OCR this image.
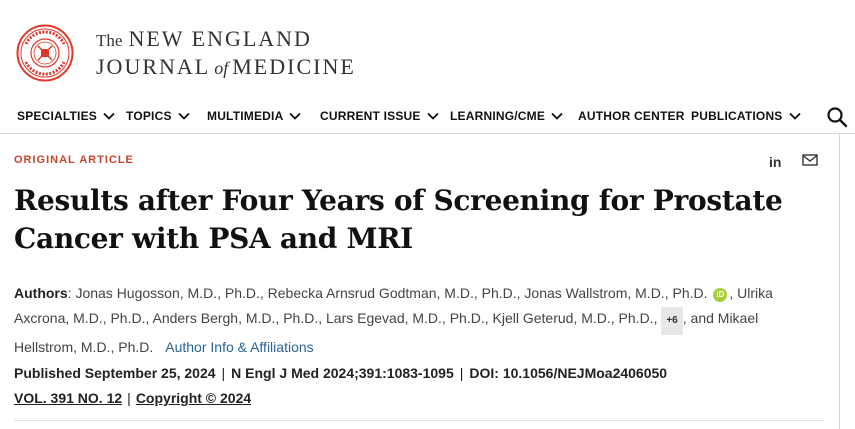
The NEW ENGLAND
JOURNAL of MEDICINE
SPECIALTIES TOPICS	MULTIMEDIA	CURRENT ISSUE LEARNING/CME	AUTHOR CENTER PUBLICATIONS
ORIGINAL ARTICLE	in
Results after Four Years of Screening for Prostate
Cancer with PSA and MRI
Authors: Jonas Hugosson, M.D., Ph.D., Rebecka Arnsrud Godtman, M.D., Ph.D., Jonas Wallstrom, M.D., Ph.D. iD , Ulrika Axcrona, M.D., Ph.D., Anders Bergh, M.D., Ph.D., Lars Egevad, M.D., Ph.D., Kjell Geterud, M.D., Ph.D., +6 , and Mikael Hellstrom, M.D., Ph.D. Author Info & Affiliations
Published September 25, 2024 | N Engl J Med 2024;391:1083-1095 | DOI: 10.1056/NEJMoa2406050
VOL. 391 NO. 12 | Copyright © 2024
